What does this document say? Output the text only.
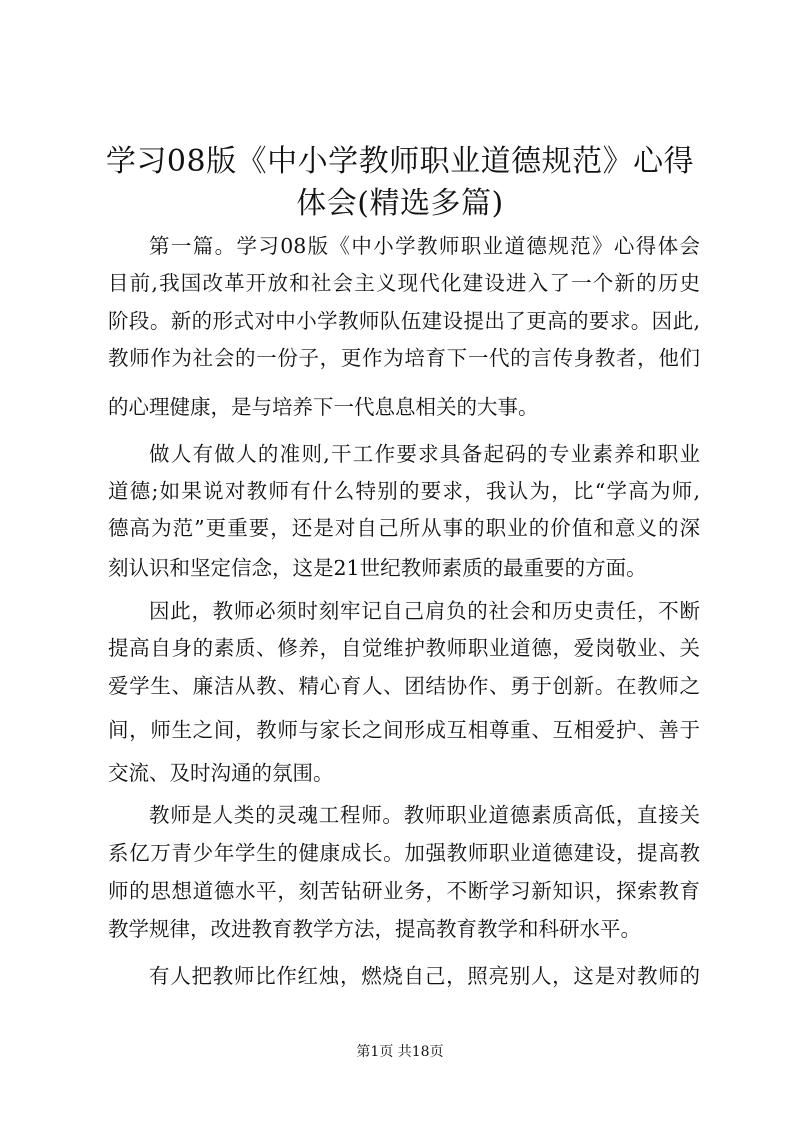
学习08版《中小学教师职业道德规范》心得
体会(精选多篇)

第一篇。学习08版《中小学教师职业道德规范》心得体会

目前,我国改革开放和社会主义现代化建设进入了一个新的历史

阶段。新的形式对中小学教师队伍建设提出了更高的要求。因此,

教师作为社会的一份子，更作为培育下一代的言传身教者，他们

的心理健康，是与培养下一代息息相关的大事。

做人有做人的准则,干工作要求具备起码的专业素养和职业

道德;如果说对教师有什么特别的要求，我认为，比“学高为师,

德高为范”更重要，还是对自己所从事的职业的价值和意义的深

刻认识和坚定信念，这是21世纪教师素质的最重要的方面。

因此，教师必须时刻牢记自己肩负的社会和历史责任，不断

提高自身的素质、修养，自觉维护教师职业道德，爱岗敬业、关

爱学生、廉洁从教、精心育人、团结协作、勇于创新。在教师之

间，师生之间，教师与家长之间形成互相尊重、互相爱护、善于

交流、及时沟通的氛围。

教师是人类的灵魂工程师。教师职业道德素质高低，直接关

系亿万青少年学生的健康成长。加强教师职业道德建设，提高教

师的思想道德水平，刻苦钻研业务，不断学习新知识，探索教育

教学规律，改进教育教学方法，提高教育教学和科研水平。

有人把教师比作红烛，燃烧自己，照亮别人，这是对教师的

第1页 共18页
